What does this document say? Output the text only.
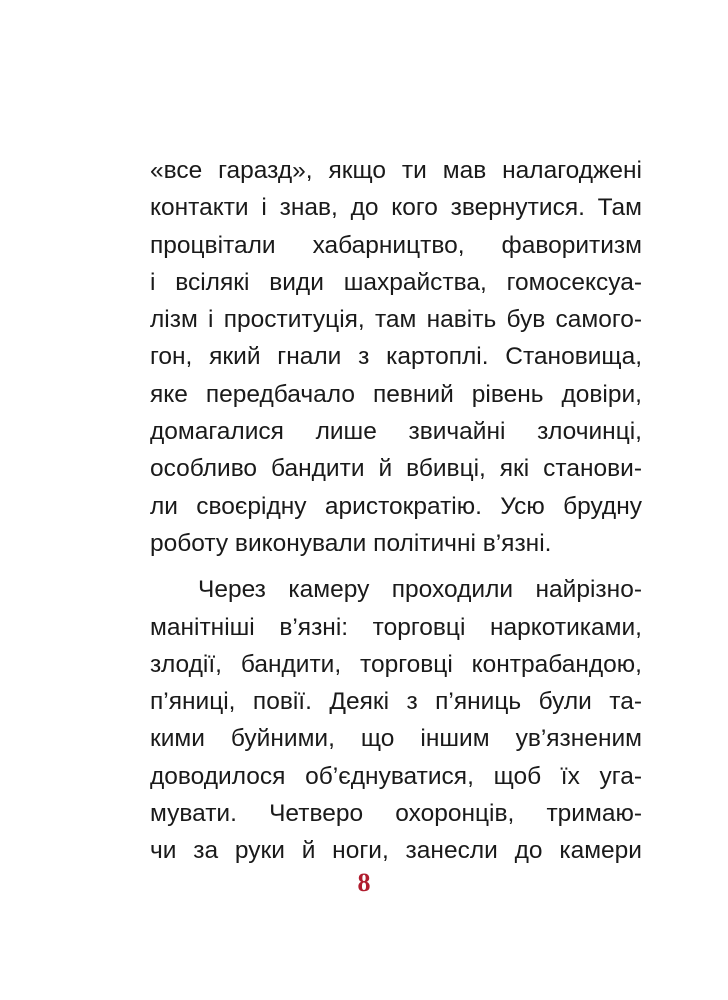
«все гаразд», якщо ти мав налагоджені
контакти і знав, до кого звернутися. Там
процвітали хабарництво, фаворитизм
і всілякі види шахрайства, гомосексуа-
лізм і проституція, там навіть був самого-
гон, який гнали з картоплі. Становища,
яке передбачало певний рівень довіри,
домагалися лише звичайні злочинці,
особливо бандити й вбивці, які станови-
ли своєрідну аристократію. Усю брудну
роботу виконували політичні в’язні.
Через камеру проходили найрізно-
манітніші в’язні: торговці наркотиками,
злодії, бандити, торговці контрабандою,
п’яниці, повії. Деякі з п’яниць були та-
кими буйними, що іншим ув’язненим
доводилося об’єднуватися, щоб їх уга-
мувати. Четверо охоронців, тримаю-
чи за руки й ноги, занесли до камери
8
